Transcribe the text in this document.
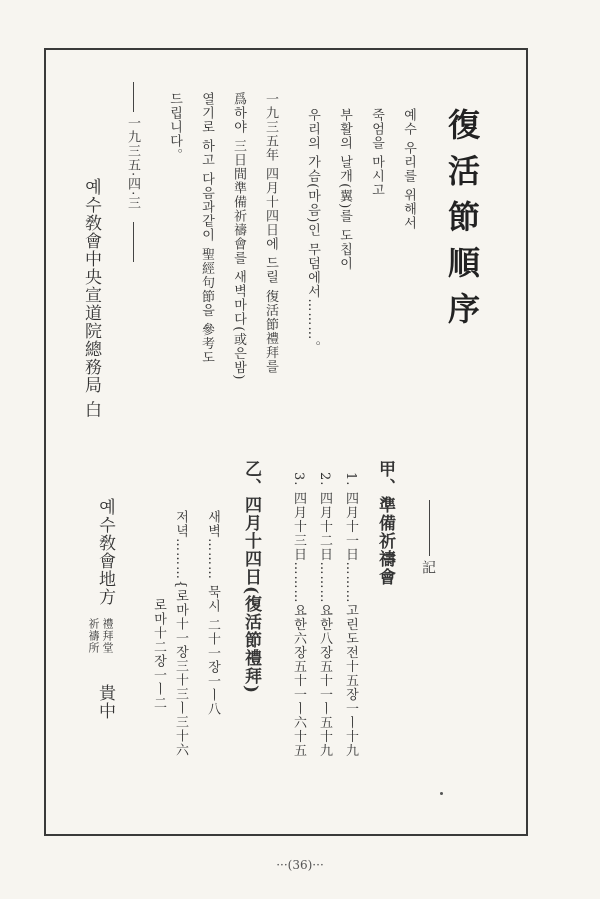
復活節順序
예수 우리를 위해서
죽엄을 마시고
부활의 날개(翼)를 도칩이
우리의 가슴(마음)인 무덤에서………。
一九三五年 四月十四日에 드릴 復活節禮拜를
爲하야 三日間準備祈禱會를 새벽마다(或은밤)
열기로 하고 다음과같이 聖經句節을 參考도
드립니다。
一九三五·四·三
예수敎會中央宣道院總務局 白
記
甲、準備祈禱會
1. 四月十一日………고린도전十五장一ㅣ十九
2. 四月十二日………요한八장五十一ㅣ五十九
3. 四月十三日………요한六장五十一ㅣ六十五
乙、四月十四日(復活節禮拜)
새벽……… 묵시 二十一장一ㅣ八
저녁………{로마十一장三十三ㅣ三十六
로마十二장一ㅣ二
예수敎會地方
禮拜堂
祈禱所
貴中
···(36)···
